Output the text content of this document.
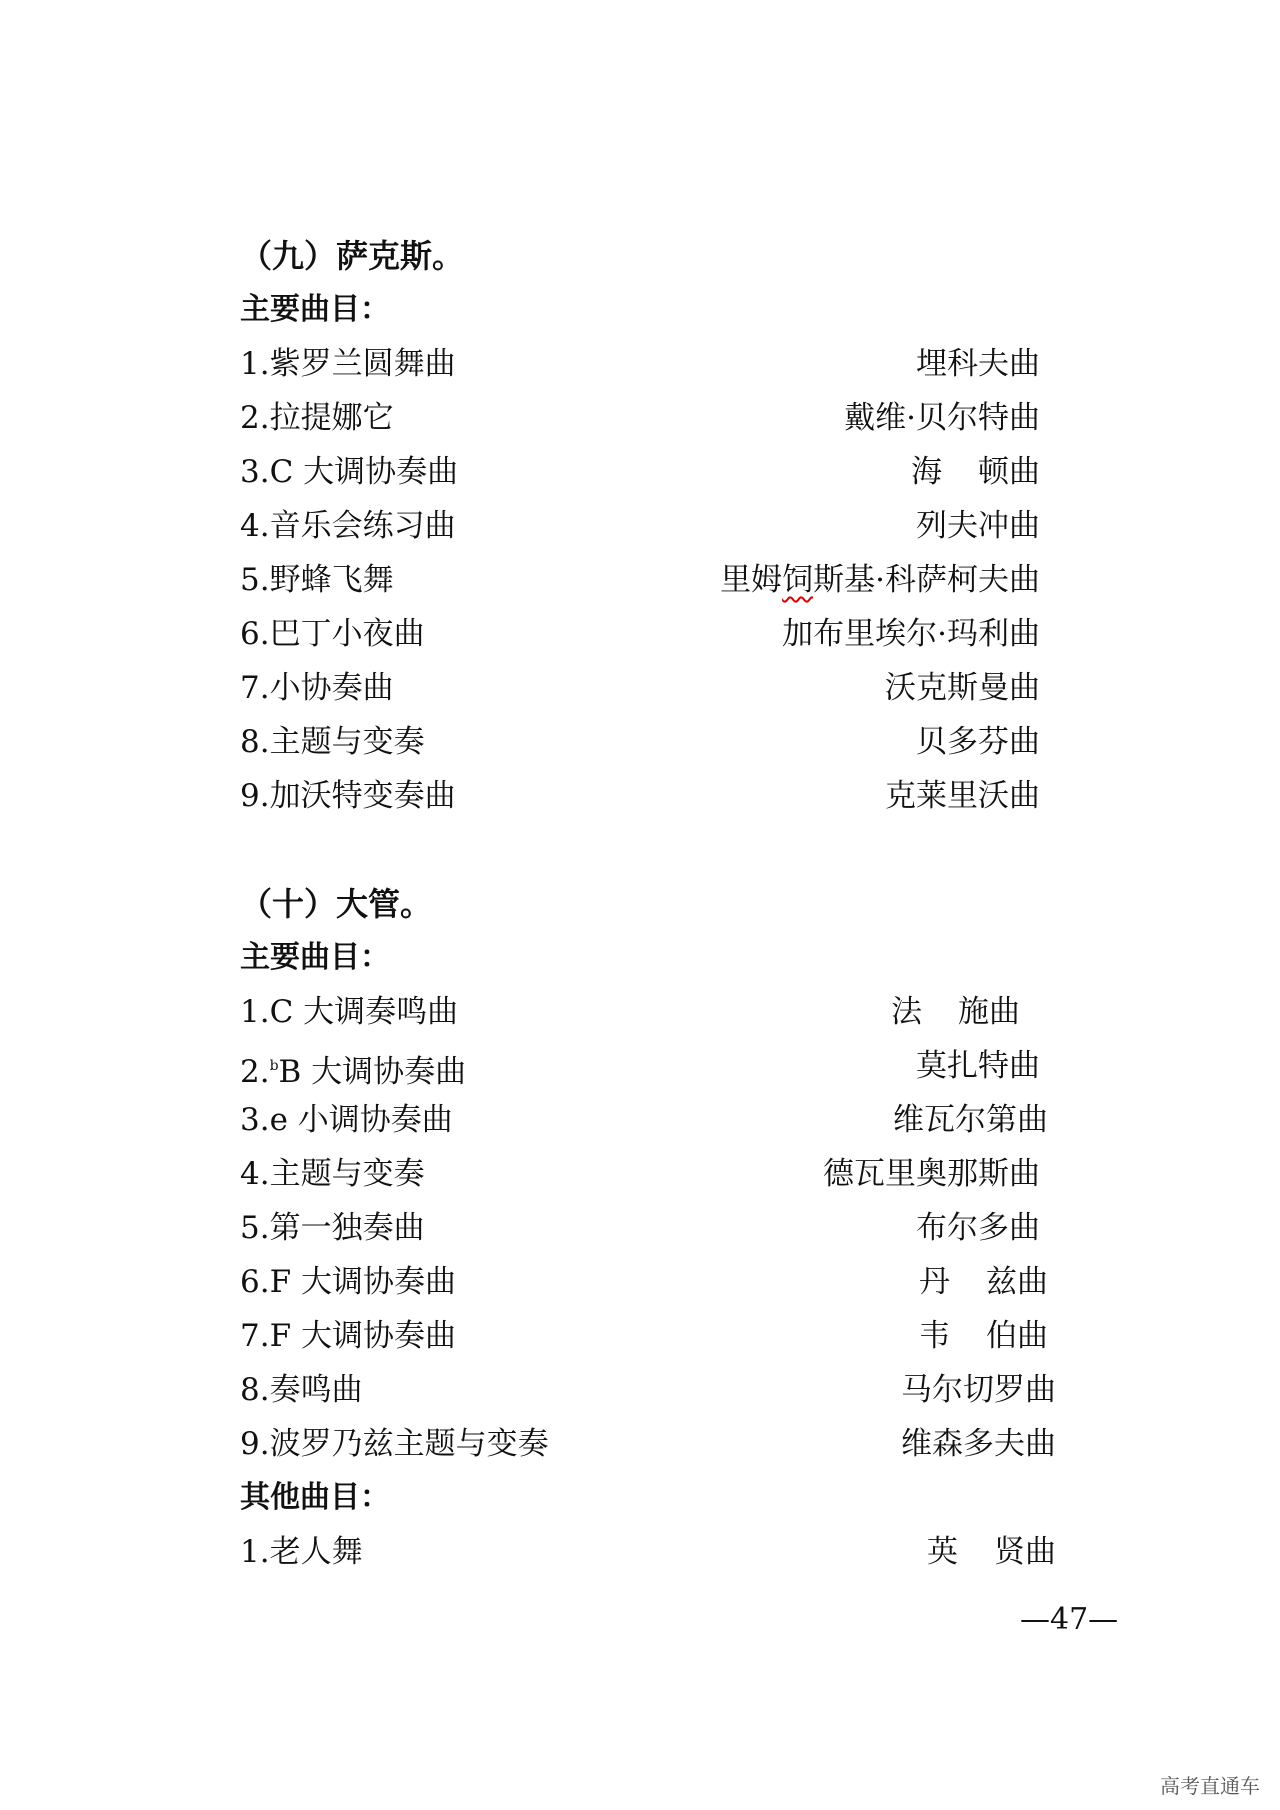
（九）萨克斯。
主要曲目：
1.紫罗兰圆舞曲	埋科夫曲
2.拉提娜它	戴维·贝尔特曲
3.C 大调协奏曲	海 顿曲
4.音乐会练习曲	列夫冲曲
5.野蜂飞舞	里姆饲斯基·科萨柯夫曲
6.巴丁小夜曲	加布里埃尔·玛利曲
7.小协奏曲	沃克斯曼曲
8.主题与变奏	贝多芬曲
9.加沃特变奏曲	克莱里沃曲
（十）大管。
主要曲目：
1.C 大调奏鸣曲	法 施曲
2.$^b$B 大调协奏曲	莫扎特曲
3.e 小调协奏曲	维瓦尔第曲
4.主题与变奏	德瓦里奥那斯曲
5.第一独奏曲	布尔多曲
6.F 大调协奏曲	丹 兹曲
7.F 大调协奏曲	韦 伯曲
8.奏鸣曲	马尔切罗曲
9.波罗乃兹主题与变奏	维森多夫曲
其他曲目：
1.老人舞	英 贤曲
—47—
高考直通车
